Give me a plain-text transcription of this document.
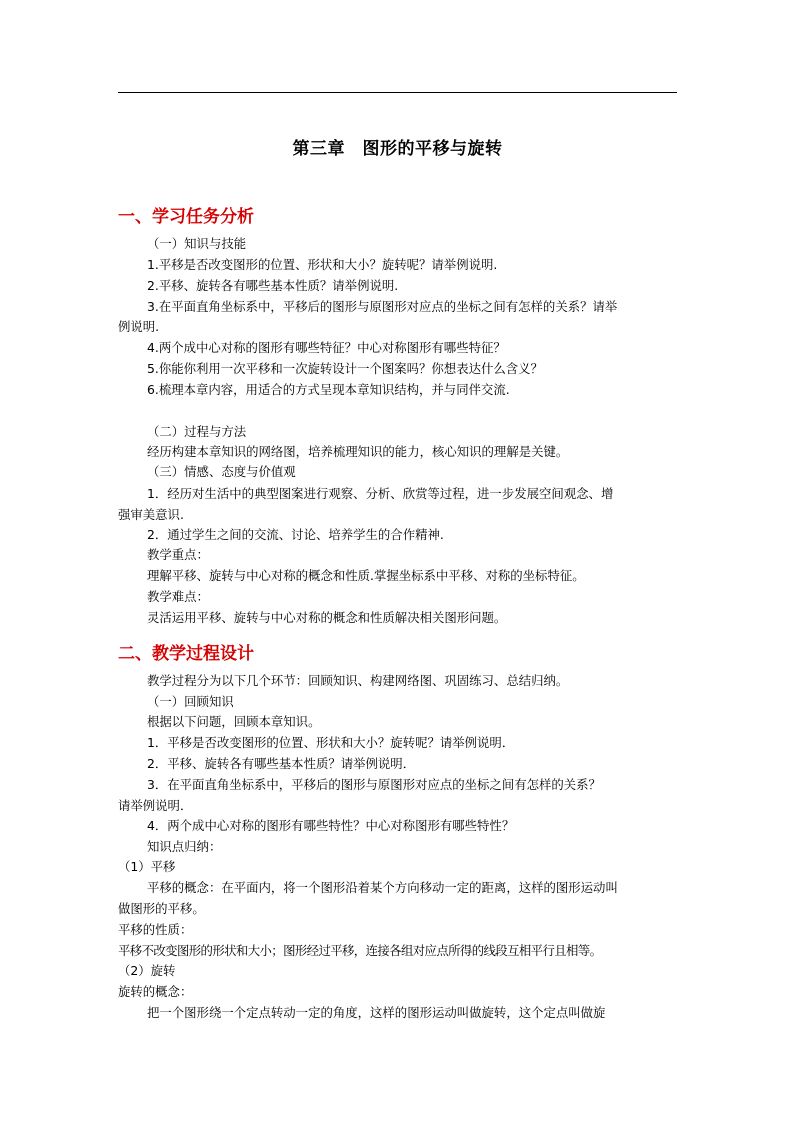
第三章　图形的平移与旋转
一、学习任务分析
（一）知识与技能
1.平移是否改变图形的位置、形状和大小？旋转呢？请举例说明.
2.平移、旋转各有哪些基本性质？请举例说明.
3.在平面直角坐标系中，平移后的图形与原图形对应点的坐标之间有怎样的关系？请举
例说明.
4.两个成中心对称的图形有哪些特征？中心对称图形有哪些特征？
5.你能你利用一次平移和一次旋转设计一个图案吗？你想表达什么含义？
6.梳理本章内容，用适合的方式呈现本章知识结构，并与同伴交流.
（二）过程与方法
经历构建本章知识的网络图，培养梳理知识的能力，核心知识的理解是关键。
（三）情感、态度与价值观
1．经历对生活中的典型图案进行观察、分析、欣赏等过程，进一步发展空间观念、增
强审美意识.
2．通过学生之间的交流、讨论、培养学生的合作精神.
教学重点：
理解平移、旋转与中心对称的概念和性质.掌握坐标系中平移、对称的坐标特征。
教学难点：
灵活运用平移、旋转与中心对称的概念和性质解决相关图形问题。
二、教学过程设计
教学过程分为以下几个环节：回顾知识、构建网络图、巩固练习、总结归纳。
（一）回顾知识
根据以下问题，回顾本章知识。
1．平移是否改变图形的位置、形状和大小？旋转呢？请举例说明．
2．平移、旋转各有哪些基本性质？请举例说明．
3．在平面直角坐标系中，平移后的图形与原图形对应点的坐标之间有怎样的关系？
请举例说明．
4．两个成中心对称的图形有哪些特性？中心对称图形有哪些特性？
知识点归纳：
（1）平移
平移的概念：在平面内，将一个图形沿着某个方向移动一定的距离，这样的图形运动叫
做图形的平移。
平移的性质：
平移不改变图形的形状和大小；图形经过平移，连接各组对应点所得的线段互相平行且相等。
（2）旋转
旋转的概念：
把一个图形绕一个定点转动一定的角度，这样的图形运动叫做旋转，这个定点叫做旋
